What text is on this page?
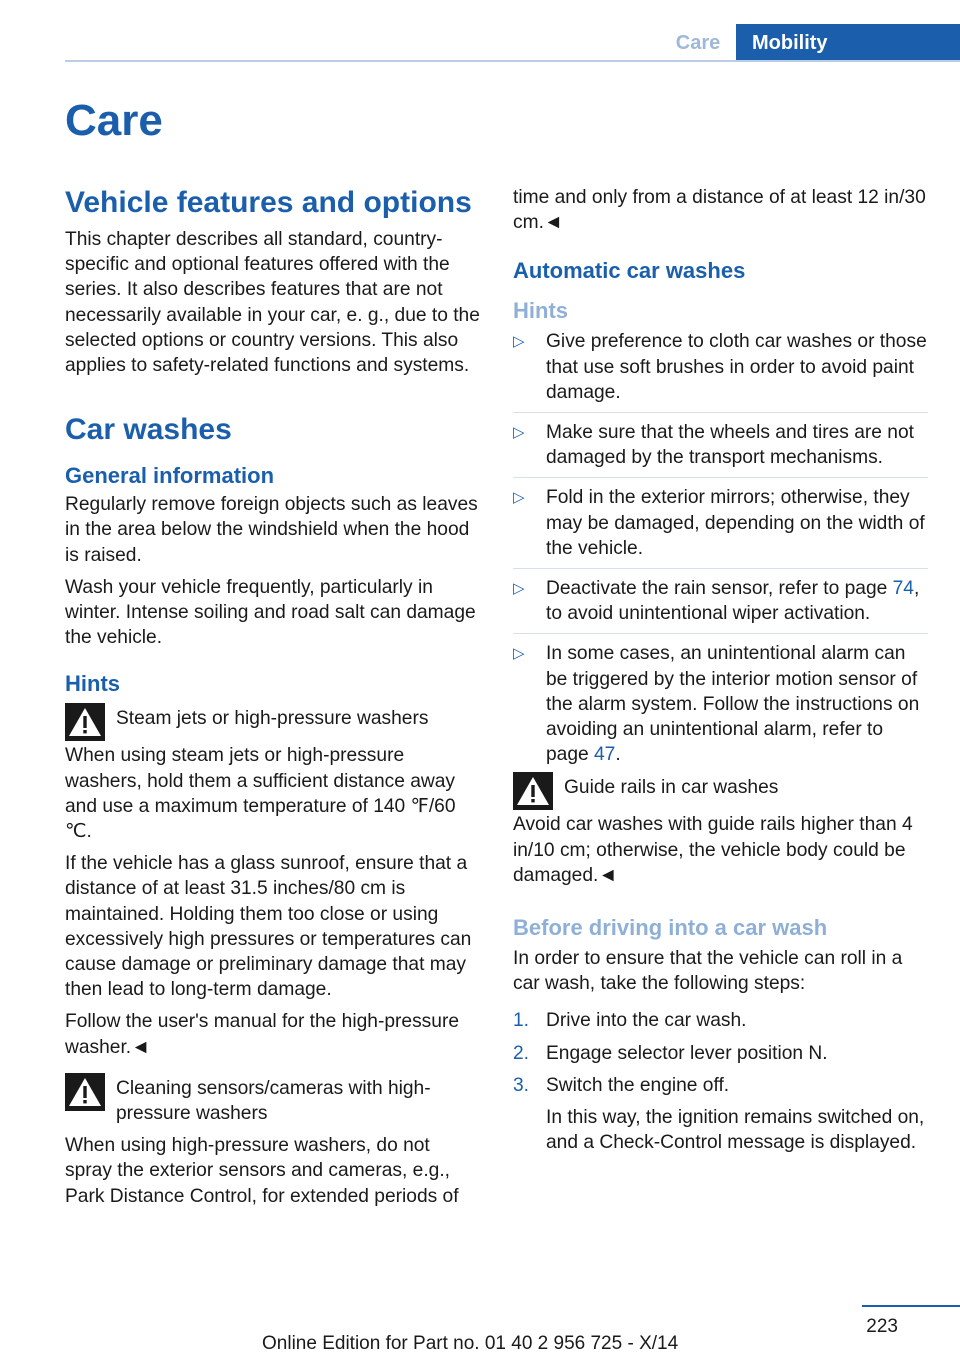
Care	Mobility
Care
Vehicle features and options

This chapter describes all standard, country-specific and optional features offered with the series. It also describes features that are not necessarily available in your car, e. g., due to the selected options or country versions. This also applies to safety-related functions and systems.

Car washes
General information

Regularly remove foreign objects such as leaves in the area below the windshield when the hood is raised.

Wash your vehicle frequently, particularly in winter. Intense soiling and road salt can damage the vehicle.

Hints
Steam jets or high-pressure washers

When using steam jets or high-pressure washers, hold them a sufficient distance away and use a maximum temperature of 140 ℉/60 ℃.

If the vehicle has a glass sunroof, ensure that a distance of at least 31.5 inches/80 cm is maintained. Holding them too close or using excessively high pressures or temperatures can cause damage or preliminary damage that may then lead to long-term damage.

Follow the user's manual for the high-pressure washer.◄

Cleaning sensors/cameras with high-pressure washers

When using high-pressure washers, do not spray the exterior sensors and cameras, e.g., Park Distance Control, for extended periods of

time and only from a distance of at least 12 in/30 cm.◄

Automatic car washes
Hints
▷ Give preference to cloth car washes or those that use soft brushes in order to avoid paint damage.
▷ Make sure that the wheels and tires are not damaged by the transport mechanisms.
▷ Fold in the exterior mirrors; otherwise, they may be damaged, depending on the width of the vehicle.
▷ Deactivate the rain sensor, refer to page 74, to avoid unintentional wiper activation.
▷ In some cases, an unintentional alarm can be triggered by the interior motion sensor of the alarm system. Follow the instructions on avoiding an unintentional alarm, refer to page 47.
Guide rails in car washes

Avoid car washes with guide rails higher than 4 in/10 cm; otherwise, the vehicle body could be damaged.◄

Before driving into a car wash

In order to ensure that the vehicle can roll in a car wash, take the following steps:

1. Drive into the car wash.
2. Engage selector lever position N.
3. Switch the engine off.
In this way, the ignition remains switched on, and a Check-Control message is displayed.
223
Online Edition for Part no. 01 40 2 956 725 - X/14
